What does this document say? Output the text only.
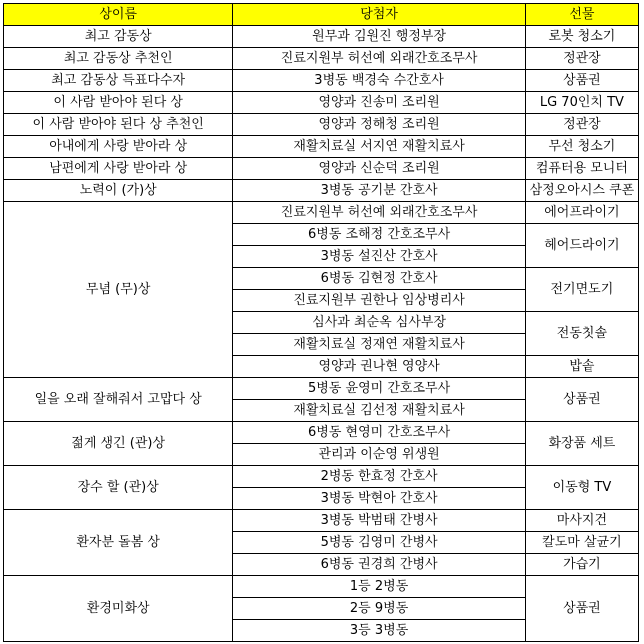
상이름	당첨자	선물
최고 감동상	원무과 김원진 행정부장	로봇 청소기
최고 감동상 추천인	진료지원부 허선예 외래간호조무사	정관장
최고 감동상 득표다수자	3병동 백경숙 수간호사	상품권
이 사람 받아야 된다 상	영양과 진송미 조리원	LG 70인치 TV
이 사람 받아야 된다 상 추천인	영양과 정해청 조리원	정관장
아내에게 사랑 받아라 상	재활치료실 서지연 재활치료사	무선 청소기
남편에게 사랑 받아라 상	영양과 신순덕 조리원	컴퓨터용 모니터
노력이 (가)상	3병동 공기분 간호사	삼정오아시스 쿠폰
무념 (무)상	진료지원부 허선예 외래간호조무사	에어프라이기
	6병동 조해정 간호조무사	헤어드라이기
	3병동 설진산 간호사	
	6병동 김현정 간호사	전기면도기
	진료지원부 권한나 임상병리사	
	심사과 최순옥 심사부장	전동칫솔
	재활치료실 정재연 재활치료사	
	영양과 권나현 영양사	밥솥
일을 오래 잘해줘서 고맙다 상	5병동 윤영미 간호조무사	상품권
	재활치료실 김선정 재활치료사	
젊게 생긴 (관)상	6병동 현영미 간호조무사	화장품 세트
	관리과 이순영 위생원	
장수 할 (관)상	2병동 한효정 간호사	이동형 TV
	3병동 박현아 간호사	
환자분 돌봄 상	3병동 박범태 간병사	마사지건
	5병동 김영미 간병사	칼도마 살균기
	6병동 권경희 간병사	가습기
환경미화상	1등 2병동	상품권
	2등 9병동	
	3등 3병동	
